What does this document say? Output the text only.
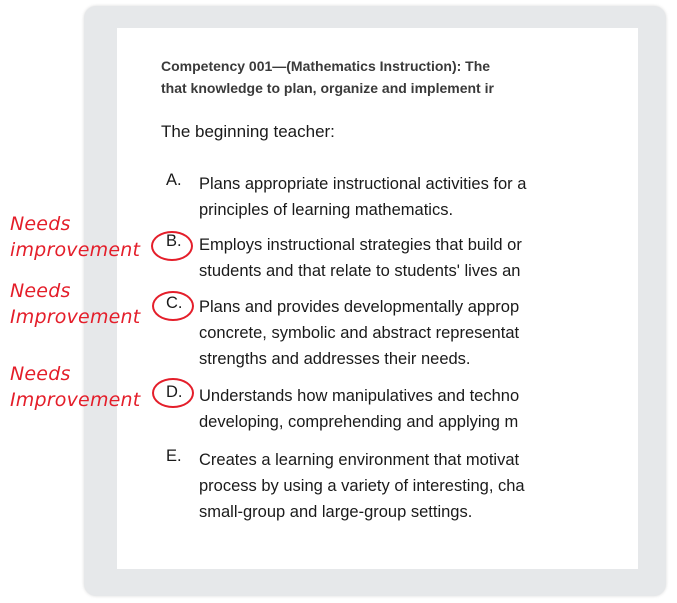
Competency 001—(Mathematics Instruction): The
that knowledge to plan, organize and implement ir
The beginning teacher:
A. Plans appropriate instructional activities for a
principles of learning mathematics.
B. Employs instructional strategies that build or
students and that relate to students' lives an
C. Plans and provides developmentally approp
concrete, symbolic and abstract representat
strengths and addresses their needs.
D. Understands how manipulatives and techno
developing, comprehending and applying m
E. Creates a learning environment that motivat
process by using a variety of interesting, cha
small-group and large-group settings.
Needs
improvement
Needs
Improvement
Needs
Improvement
